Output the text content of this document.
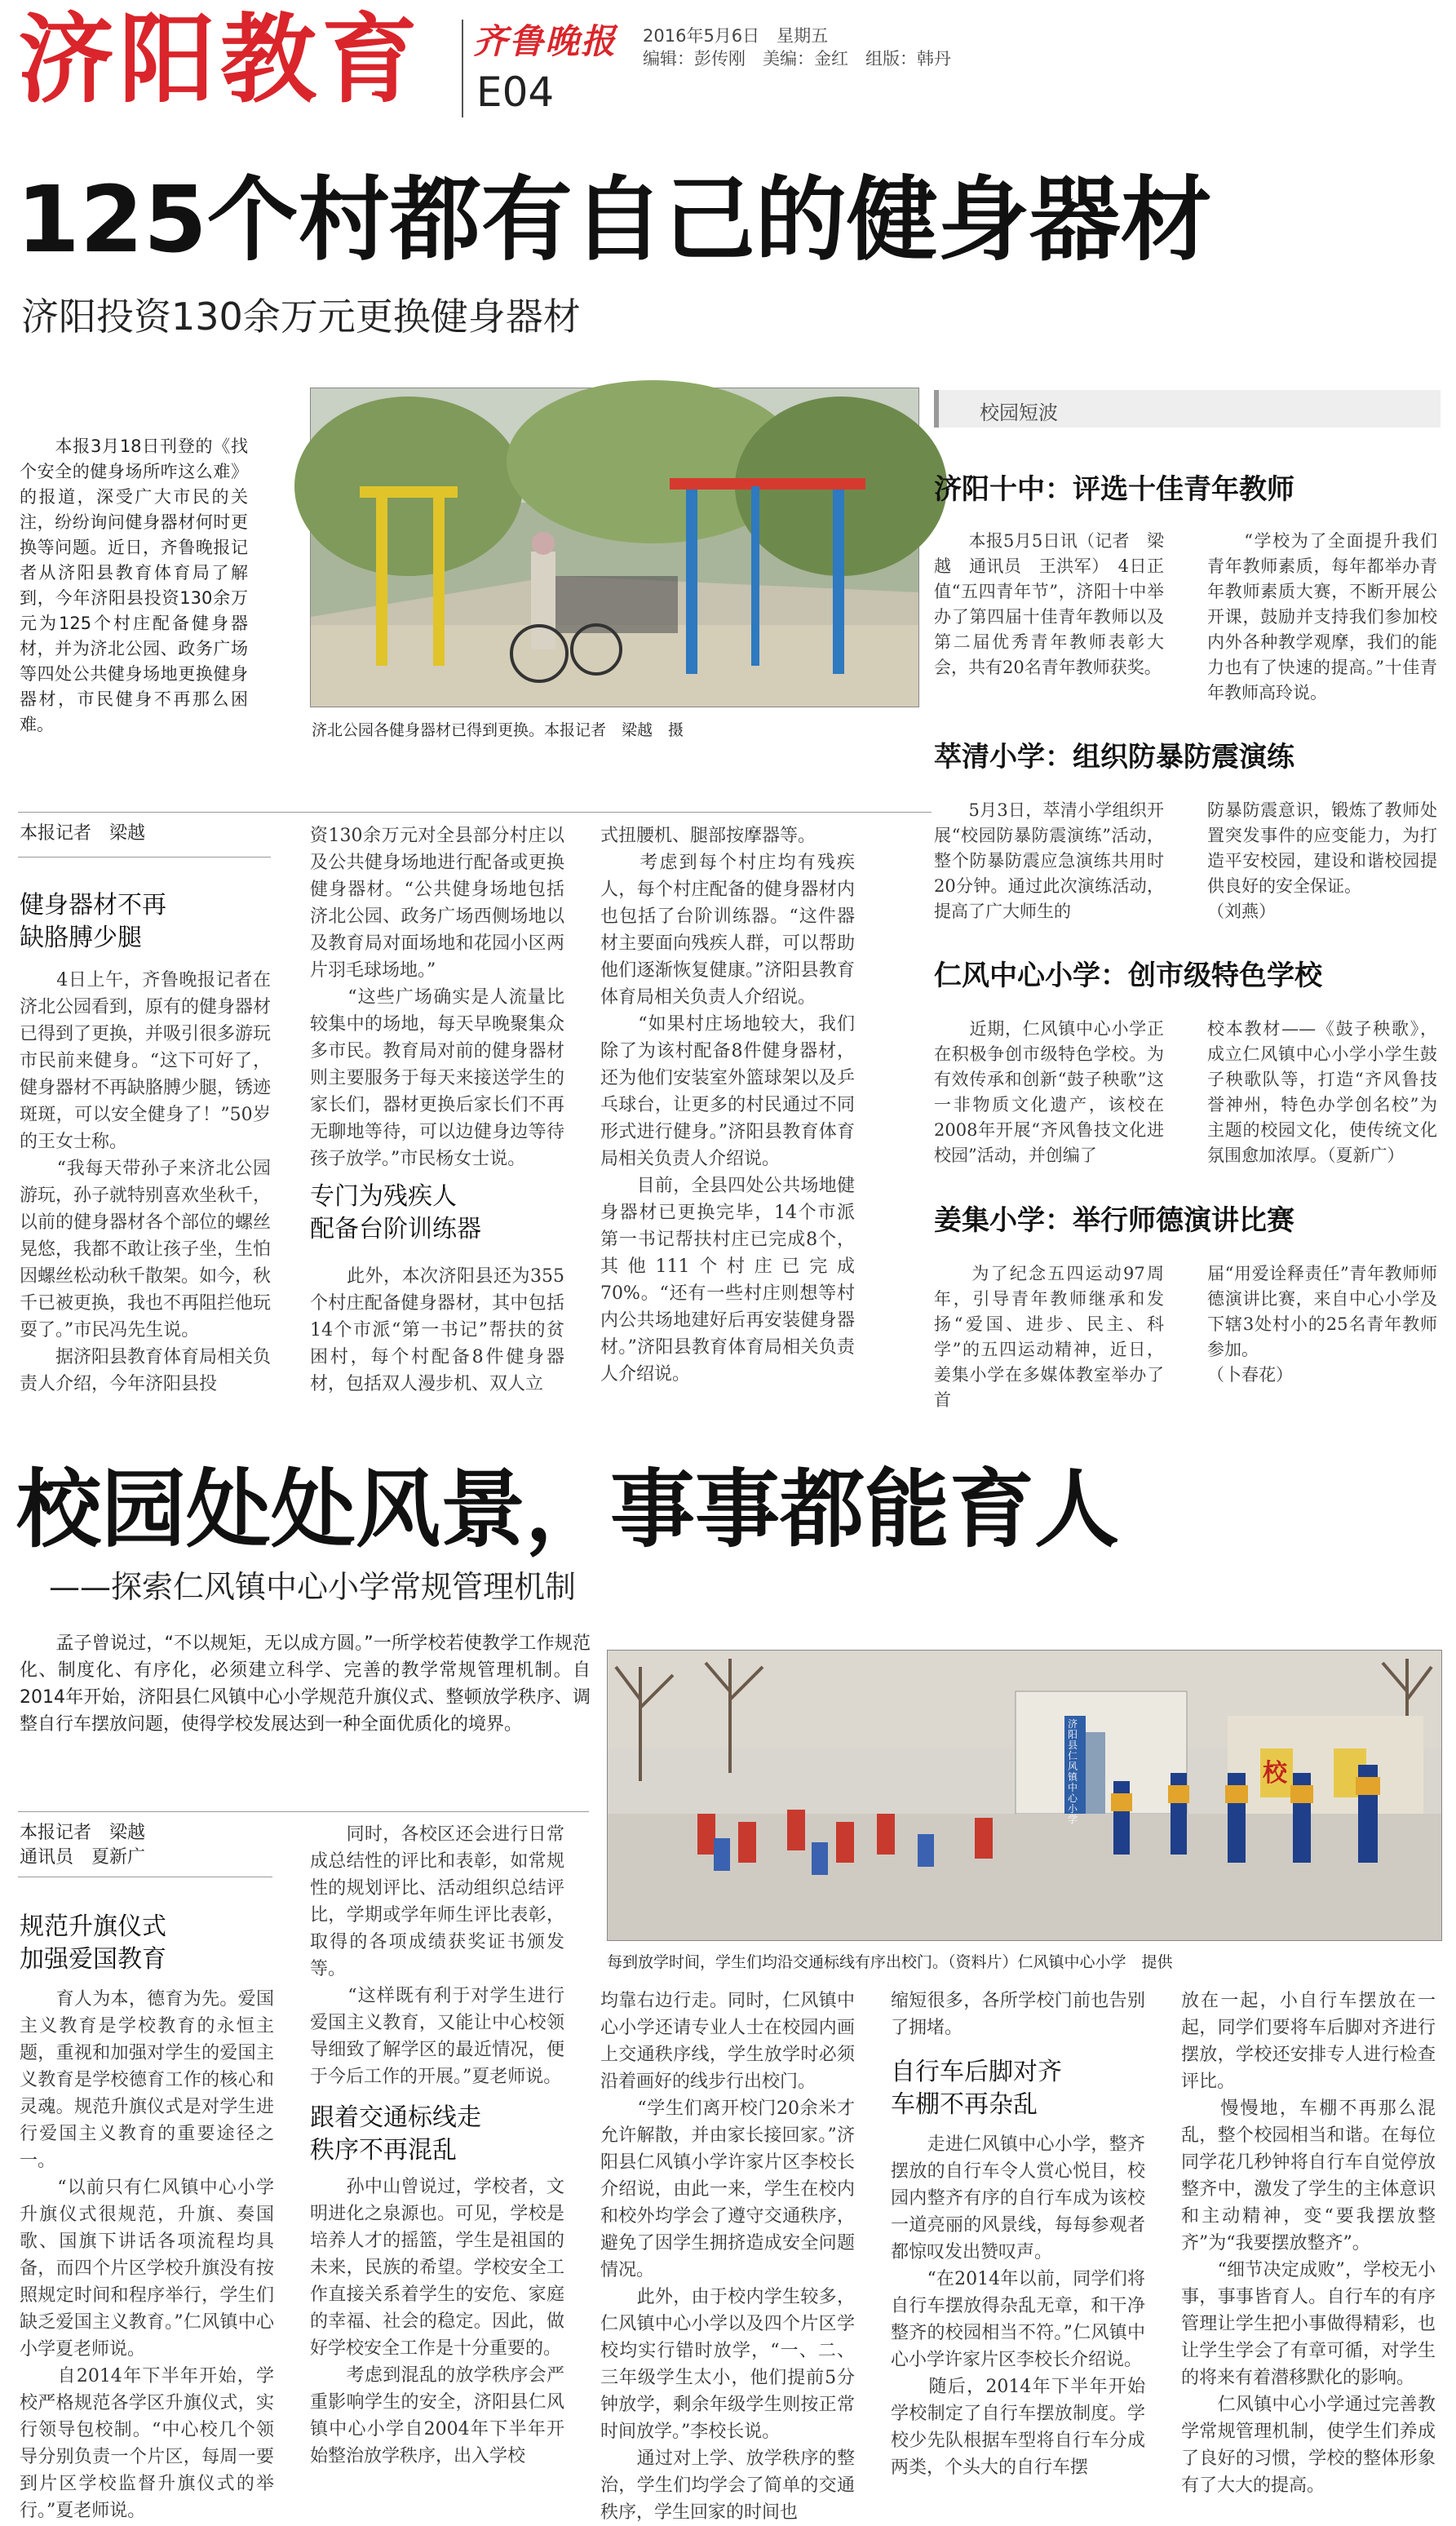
济阳教育 齐鲁晚报
E04
2016年5月6日　星期五
编辑：彭传刚　美编：金红　组版：韩丹
125个村都有自己的健身器材
济阳投资130余万元更换健身器材
　　本报3月18日刊登的《找个安全的健身场所咋这么难》的报道，深受广大市民的关注，纷纷询问健身器材何时更换等问题。近日，齐鲁晚报记者从济阳县教育体育局了解到，今年济阳县投资130余万元为125个村庄配备健身器材，并为济北公园、政务广场等四处公共健身场地更换健身器材，市民健身不再那么困难。	济北公园各健身器材已得到更换。本报记者　梁越　摄
本报记者　梁越
健身器材不再
缺胳膊少腿
　　4日上午，齐鲁晚报记者在济北公园看到，原有的健身器材已得到了更换，并吸引很多游玩市民前来健身。“这下可好了，健身器材不再缺胳膊少腿，锈迹斑斑，可以安全健身了！”50岁的王女士称。
　　“我每天带孙子来济北公园游玩，孙子就特别喜欢坐秋千，以前的健身器材各个部位的螺丝晃悠，我都不敢让孩子坐，生怕因螺丝松动秋千散架。如今，秋千已被更换，我也不再阻拦他玩耍了。”市民冯先生说。
　　据济阳县教育体育局相关负责人介绍，今年济阳县投
资130余万元对全县部分村庄以及公共健身场地进行配备或更换健身器材。“公共健身场地包括济北公园、政务广场西侧场地以及教育局对面场地和花园小区两片羽毛球场地。”
　　“这些广场确实是人流量比较集中的场地，每天早晚聚集众多市民。教育局对前的健身器材则主要服务于每天来接送学生的家长们，器材更换后家长们不再无聊地等待，可以边健身边等待孩子放学。”市民杨女士说。
专门为残疾人
配备台阶训练器
　　此外，本次济阳县还为355个村庄配备健身器材，其中包括14个市派“第一书记”帮扶的贫困村，每个村配备8件健身器材，包括双人漫步机、双人立
式扭腰机、腿部按摩器等。
　　考虑到每个村庄均有残疾人，每个村庄配备的健身器材内也包括了台阶训练器。“这件器材主要面向残疾人群，可以帮助他们逐渐恢复健康。”济阳县教育体育局相关负责人介绍说。
　　“如果村庄场地较大，我们除了为该村配备8件健身器材，还为他们安装室外篮球架以及乒乓球台，让更多的村民通过不同形式进行健身。”济阳县教育体育局相关负责人介绍说。
　　目前，全县四处公共场地健身器材已更换完毕，14个市派第一书记帮扶村庄已完成8个，其他111个村庄已完成70%。“还有一些村庄则想等村内公共场地建好后再安装健身器材。”济阳县教育体育局相关负责人介绍说。
校园短波
济阳十中：评选十佳青年教师
　　本报5月5日讯（记者　梁越　通讯员　王洪军）　4日正值“五四青年节”，济阳十中举办了第四届十佳青年教师以及第二届优秀青年教师表彰大会，共有20名青年教师获奖。
　　“学校为了全面提升我们青年教师素质，每年都举办青年教师素质大赛，不断开展公开课，鼓励并支持我们参加校内外各种教学观摩，我们的能力也有了快速的提高。”十佳青年教师高玲说。
萃清小学：组织防暴防震演练
　　5月3日，萃清小学组织开展“校园防暴防震演练”活动，整个防暴防震应急演练共用时20分钟。通过此次演练活动，提高了广大师生的
防暴防震意识，锻炼了教师处置突发事件的应变能力，为打造平安校园，建设和谐校园提供良好的安全保证。
（刘燕）
仁风中心小学：创市级特色学校
　　近期，仁风镇中心小学正在积极争创市级特色学校。为有效传承和创新“鼓子秧歌”这一非物质文化遗产，该校在2008年开展“齐风鲁技文化进校园”活动，并创编了
校本教材——《鼓子秧歌》，成立仁风镇中心小学小学生鼓子秧歌队等，打造“齐风鲁技誉神州，特色办学创名校”为主题的校园文化，使传统文化氛围愈加浓厚。（夏新广）
姜集小学：举行师德演讲比赛
　　为了纪念五四运动97周年，引导青年教师继承和发扬“爱国、进步、民主、科学”的五四运动精神，近日，姜集小学在多媒体教室举办了首
届“用爱诠释责任”青年教师师德演讲比赛，来自中心小学及下辖3处村小的25名青年教师参加。
（卜春花）
校园处处风景，事事都能育人
——探索仁风镇中心小学常规管理机制
　　孟子曾说过，“不以规矩，无以成方圆。”一所学校若使教学工作规范化、制度化、有序化，必须建立科学、完善的教学常规管理机制。自2014年开始，济阳县仁风镇中心小学规范升旗仪式、整顿放学秩序、调整自行车摆放问题，使得学校发展达到一种全面优质化的境界。	济阳县仁风镇中心小学
校
每到放学时间，学生们均沿交通标线有序出校门。（资料片）仁风镇中心小学　提供
本报记者　梁越
通讯员　夏新广
规范升旗仪式
加强爱国教育
　　育人为本，德育为先。爱国主义教育是学校教育的永恒主题，重视和加强对学生的爱国主义教育是学校德育工作的核心和灵魂。规范升旗仪式是对学生进行爱国主义教育的重要途径之一。
　　“以前只有仁风镇中心小学升旗仪式很规范，升旗、奏国歌、国旗下讲话各项流程均具备，而四个片区学校升旗没有按照规定时间和程序举行，学生们缺乏爱国主义教育。”仁风镇中心小学夏老师说。
　　自2014年下半年开始，学校严格规范各学区升旗仪式，实行领导包校制。“中心校几个领导分别负责一个片区，每周一要到片区学校监督升旗仪式的举行。”夏老师说。
　　同时，各校区还会进行日常成总结性的评比和表彰，如常规性的规划评比、活动组织总结评比，学期或学年师生评比表彰，取得的各项成绩获奖证书颁发等。
　　“这样既有利于对学生进行爱国主义教育，又能让中心校领导细致了解学区的最近情况，便于今后工作的开展。”夏老师说。
跟着交通标线走
秩序不再混乱
　　孙中山曾说过，学校者，文明进化之泉源也。可见，学校是培养人才的摇篮，学生是祖国的未来，民族的希望。学校安全工作直接关系着学生的安危、家庭的幸福、社会的稳定。因此，做好学校安全工作是十分重要的。
　　考虑到混乱的放学秩序会严重影响学生的安全，济阳县仁风镇中心小学自2004年下半年开始整治放学秩序，出入学校
均靠右边行走。同时，仁风镇中心小学还请专业人士在校园内画上交通秩序线，学生放学时必须沿着画好的线步行出校门。
　　“学生们离开校门20余米才允许解散，并由家长接回家。”济阳县仁风镇小学许家片区李校长介绍说，由此一来，学生在校内和校外均学会了遵守交通秩序，避免了因学生拥挤造成安全问题情况。
　　此外，由于校内学生较多，仁风镇中心小学以及四个片区学校均实行错时放学，“一、二、三年级学生太小，他们提前5分钟放学，剩余年级学生则按正常时间放学。”李校长说。
　　通过对上学、放学秩序的整治，学生们均学会了简单的交通秩序，学生回家的时间也
缩短很多，各所学校门前也告别了拥堵。
自行车后脚对齐
车棚不再杂乱
　　走进仁风镇中心小学，整齐摆放的自行车令人赏心悦目，校园内整齐有序的自行车成为该校一道亮丽的风景线，每每参观者都惊叹发出赞叹声。
　　“在2014年以前，同学们将自行车摆放得杂乱无章，和干净整齐的校园相当不符。”仁风镇中心小学许家片区李校长介绍说。
　　随后，2014年下半年开始学校制定了自行车摆放制度。学校少先队根据车型将自行车分成两类，个头大的自行车摆
放在一起，小自行车摆放在一起，同学们要将车后脚对齐进行摆放，学校还安排专人进行检查评比。
　　慢慢地，车棚不再那么混乱，整个校园相当和谐。在每位同学花几秒钟将自行车自觉停放整齐中，激发了学生的主体意识和主动精神，变“要我摆放整齐”为“我要摆放整齐”。
　　“细节决定成败”，学校无小事，事事皆育人。自行车的有序管理让学生把小事做得精彩，也让学生学会了有章可循，对学生的将来有着潜移默化的影响。
　　仁风镇中心小学通过完善教学常规管理机制，使学生们养成了良好的习惯，学校的整体形象有了大大的提高。
